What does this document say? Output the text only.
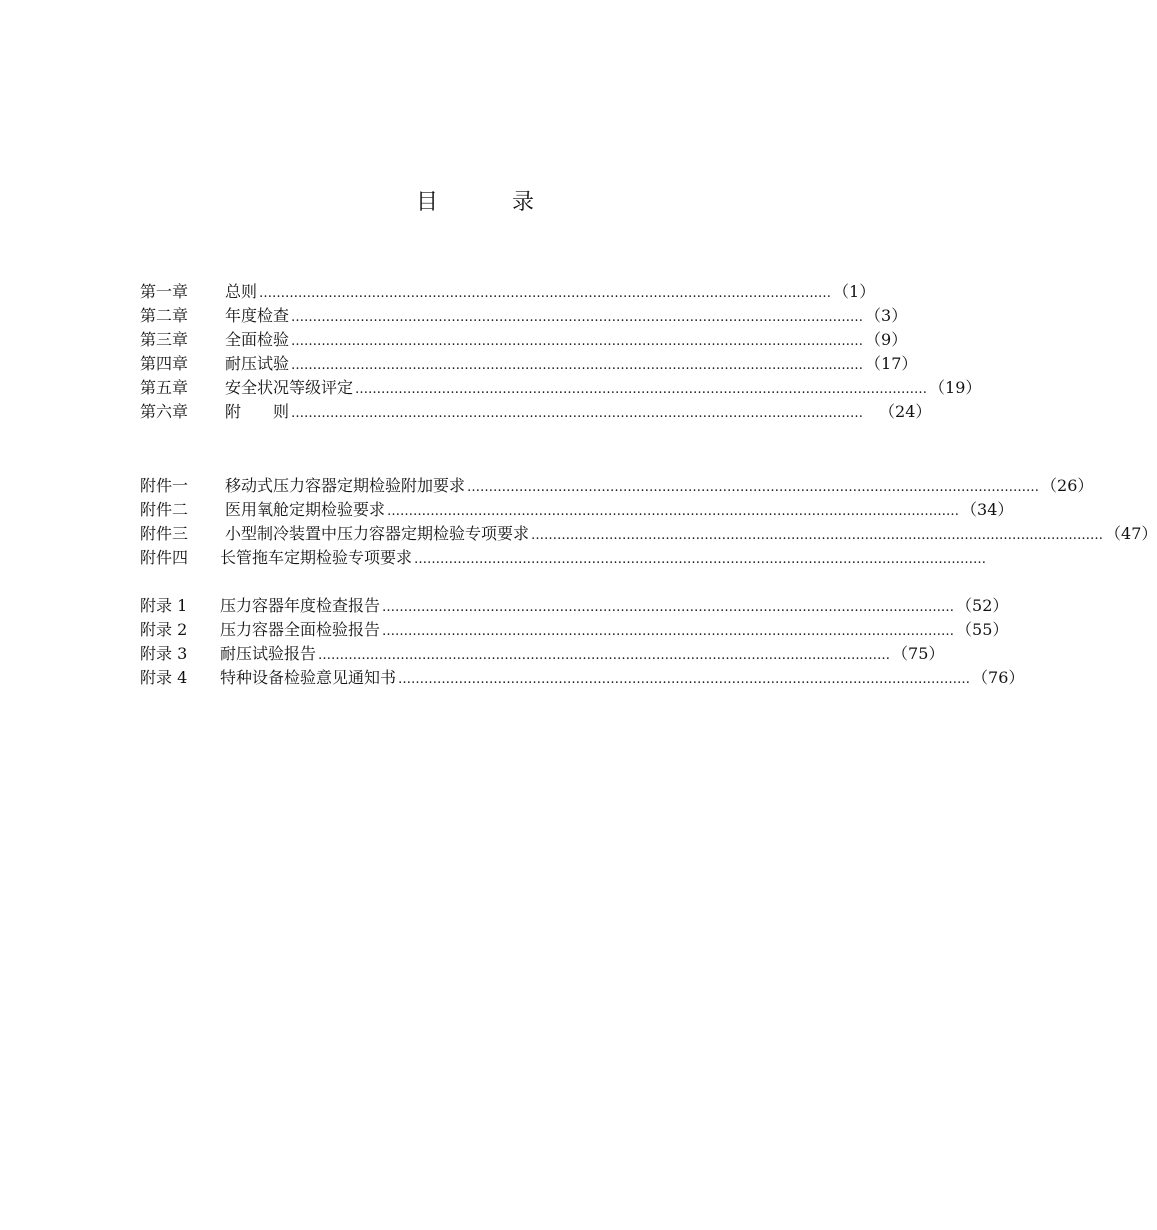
目　录
第一章	总则 …………………………………………………………………………………………………………………… （1）
第二章	年度检查 …………………………………………………………………………………………………………………… （3）
第三章	全面检验 …………………………………………………………………………………………………………………… （9）
第四章	耐压试验 …………………………………………………………………………………………………………………… （17）
第五章	安全状况等级评定 …………………………………………………………………………………………………………………… （19）
第六章	附　　则 …………………………………………………………………………………………………………………… （24）
附件一	移动式压力容器定期检验附加要求 …………………………………………………………………………………………………………………… （26）
附件二	医用氧舱定期检验要求 …………………………………………………………………………………………………………………… （34）
附件三	小型制冷装置中压力容器定期检验专项要求 …………………………………………………………………………………………………………………… （47）
附件四	长管拖车定期检验专项要求 ……………………………………………………………………………………………………………………
附录 1	压力容器年度检查报告 …………………………………………………………………………………………………………………… （52）
附录 2	压力容器全面检验报告 …………………………………………………………………………………………………………………… （55）
附录 3	耐压试验报告 …………………………………………………………………………………………………………………… （75）
附录 4	特种设备检验意见通知书 …………………………………………………………………………………………………………………… （76）
